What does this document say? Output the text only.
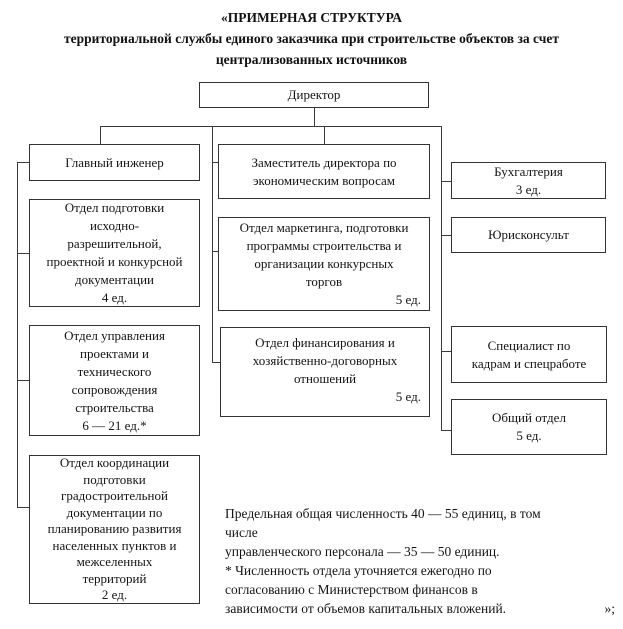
«ПРИМЕРНАЯ СТРУКТУРА
территориальной службы единого заказчика при строительстве объектов за счет
централизованных источников
Директор
Главный инженер
Отдел подготовки
исходно-
разрешительной,
проектной и конкурсной
документации
4 ед.
Отдел управления
проектами и
технического
сопровождения
строительства
6 — 21 ед.*
Отдел координации
подготовки
градостроительной
документации по
планированию развития
населенных пунктов и
межселенных
территорий
2 ед.
Заместитель директора по
экономическим вопросам
Отдел маркетинга, подготовки
программы строительства и
организации конкурсных
торгов
5 ед.
Отдел финансирования и
хозяйственно-договорных
отношений
5 ед.
Бухгалтерия
3 ед.
Юрисконсульт
Специалист по
кадрам и спецработе
Общий отдел
5 ед.
Предельная общая численность 40 — 55 единиц, в том
числе
управленческого персонала — 35 — 50 единиц.
* Численность отдела уточняется ежегодно по
согласованию с Министерством финансов в
зависимости от объемов капитальных вложений.	»;
